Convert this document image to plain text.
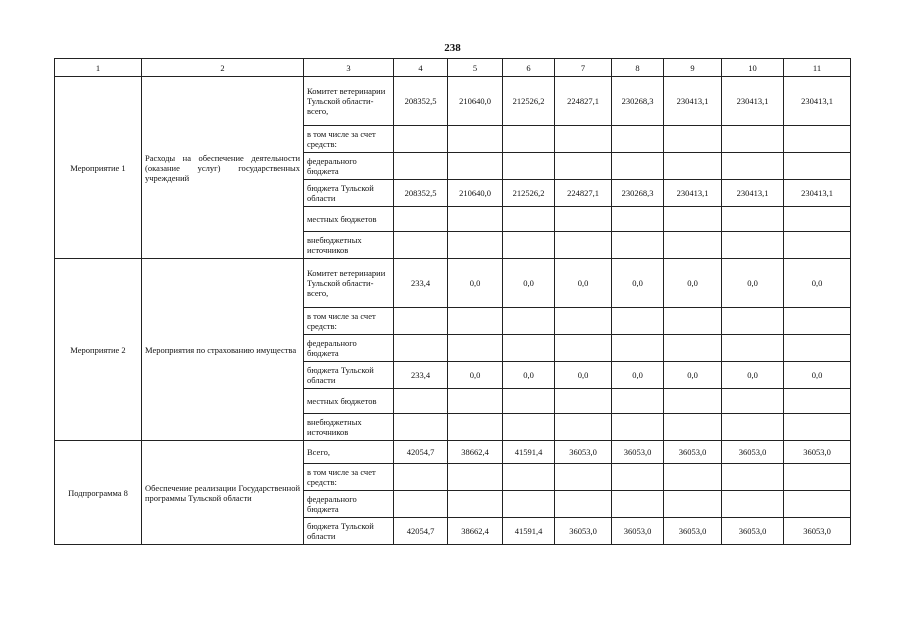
238
1	2	3	4	5	6	7	8	9	10	11
Мероприятие 1	Расходы на обеспечение деятельности (оказание услуг) государственных учреждений	Комитет ветеринарии Тульской области-всего,	208352,5	210640,0	212526,2	224827,1	230268,3	230413,1	230413,1	230413,1
		в том числе за счет средств:								
		федерального бюджета								
		бюджета Тульской области	208352,5	210640,0	212526,2	224827,1	230268,3	230413,1	230413,1	230413,1
		местных бюджетов								
		внебюджетных источников								
Мероприятие 2	Мероприятия по страхованию имущества	Комитет ветеринарии Тульской области-всего,	233,4	0,0	0,0	0,0	0,0	0,0	0,0	0,0
		в том числе за счет средств:								
		федерального бюджета								
		бюджета Тульской области	233,4	0,0	0,0	0,0	0,0	0,0	0,0	0,0
		местных бюджетов								
		внебюджетных источников								
Подпрограмма 8	Обеспечение реализации Государственной программы Тульской области	Всего,	42054,7	38662,4	41591,4	36053,0	36053,0	36053,0	36053,0	36053,0
		в том числе за счет средств:								
		федерального бюджета								
		бюджета Тульской области	42054,7	38662,4	41591,4	36053,0	36053,0	36053,0	36053,0	36053,0
